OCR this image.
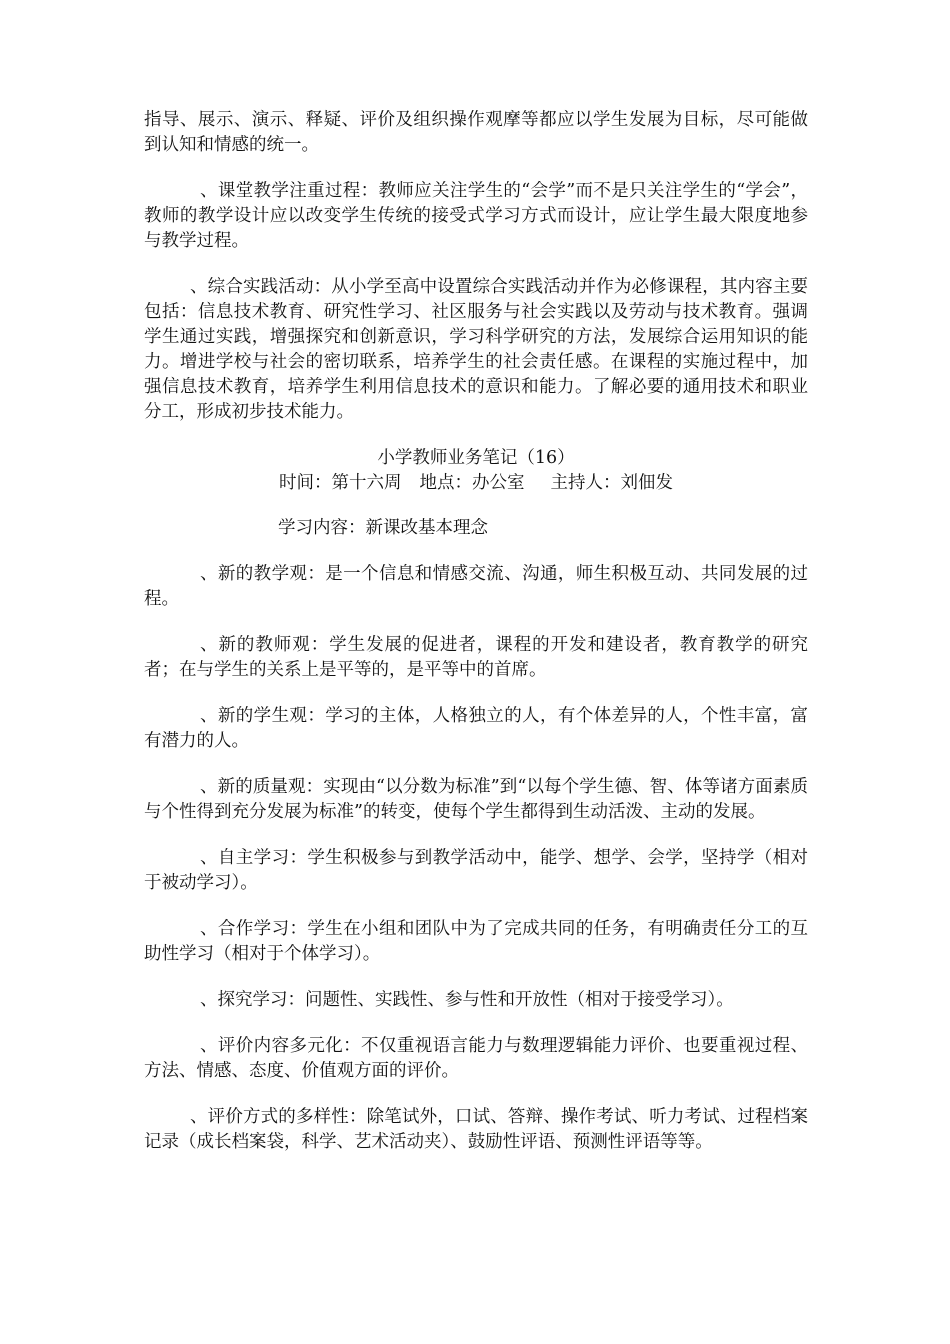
指导、展示、演示、释疑、评价及组织操作观摩等都应以学生发展为目标，尽可能做到认知和情感的统一。

、课堂教学注重过程：教师应关注学生的“会学”而不是只关注学生的“学会”，教师的教学设计应以改变学生传统的接受式学习方式而设计，应让学生最大限度地参与教学过程。

、综合实践活动：从小学至高中设置综合实践活动并作为必修课程，其内容主要包括：信息技术教育、研究性学习、社区服务与社会实践以及劳动与技术教育。强调学生通过实践，增强探究和创新意识，学习科学研究的方法，发展综合运用知识的能力。增进学校与社会的密切联系，培养学生的社会责任感。在课程的实施过程中，加强信息技术教育，培养学生利用信息技术的意识和能力。了解必要的通用技术和职业分工，形成初步技术能力。

小学教师业务笔记（16）

时间：第十六周 地点：办公室 主持人：刘佃发

学习内容：新课改基本理念

、新的教学观：是一个信息和情感交流、沟通，师生积极互动、共同发展的过程。

、新的教师观：学生发展的促进者，课程的开发和建设者，教育教学的研究者；在与学生的关系上是平等的，是平等中的首席。

、新的学生观：学习的主体，人格独立的人，有个体差异的人，个性丰富，富有潜力的人。

、新的质量观：实现由“以分数为标准”到“以每个学生德、智、体等诸方面素质与个性得到充分发展为标准”的转变，使每个学生都得到生动活泼、主动的发展。

、自主学习：学生积极参与到教学活动中，能学、想学、会学，坚持学（相对于被动学习）。

、合作学习：学生在小组和团队中为了完成共同的任务，有明确责任分工的互助性学习（相对于个体学习）。

、探究学习：问题性、实践性、参与性和开放性（相对于接受学习）。

、评价内容多元化：不仅重视语言能力与数理逻辑能力评价、也要重视过程、方法、情感、态度、价值观方面的评价。

、评价方式的多样性：除笔试外，口试、答辩、操作考试、听力考试、过程档案记录（成长档案袋，科学、艺术活动夹）、鼓励性评语、预测性评语等等。
